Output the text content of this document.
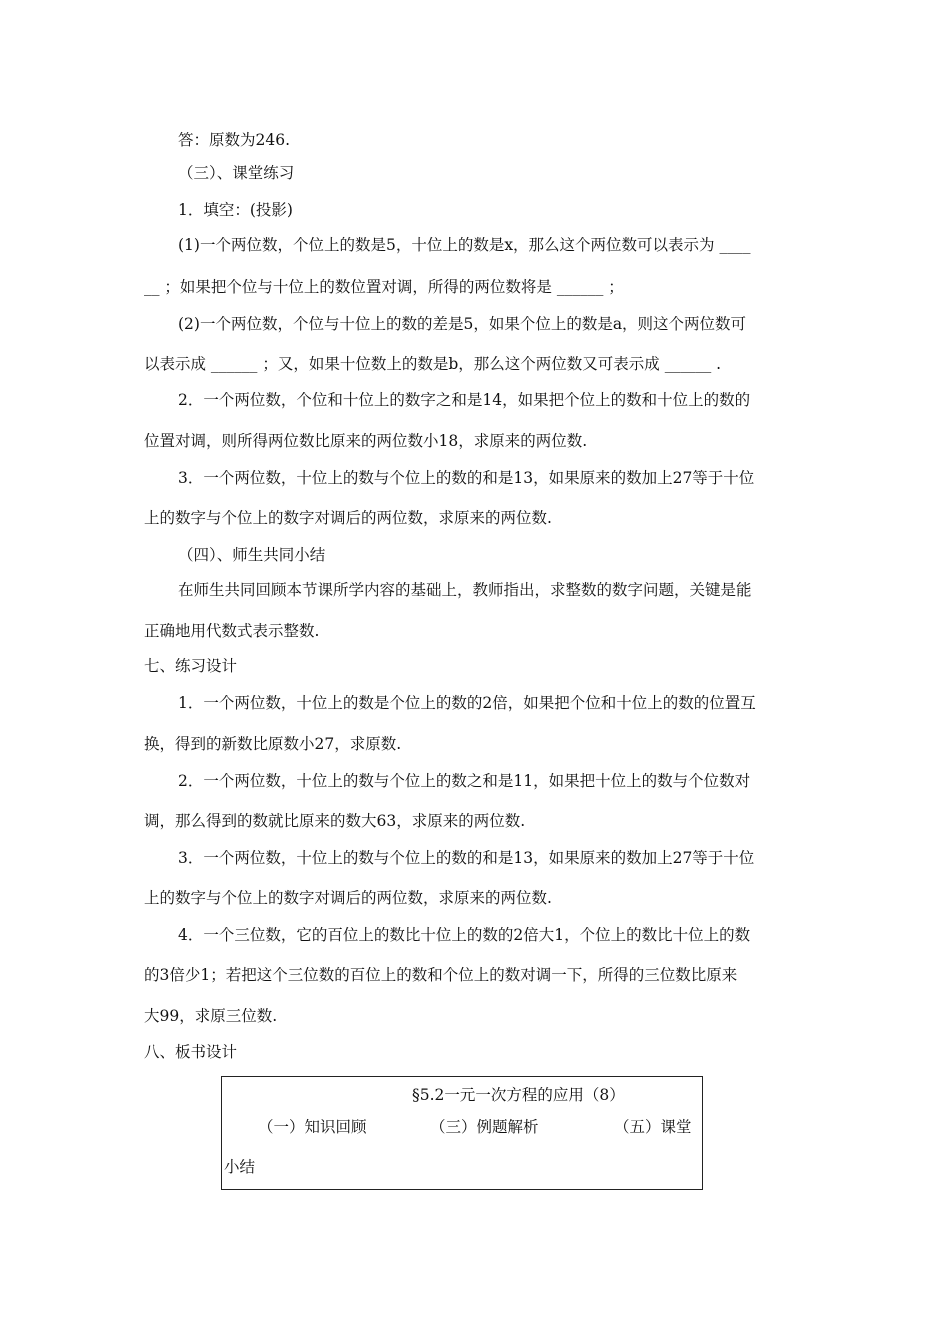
答：原数为246.
（三）、课堂练习
1．填空：(投影)
(1)一个两位数，个位上的数是5，十位上的数是x，那么这个两位数可以表示为 ____
__ ；如果把个位与十位上的数位置对调，所得的两位数将是 ______ ；
(2)一个两位数，个位与十位上的数的差是5，如果个位上的数是a，则这个两位数可
以表示成 ______ ；又，如果十位数上的数是b，那么这个两位数又可表示成 ______ .
2．一个两位数，个位和十位上的数字之和是14，如果把个位上的数和十位上的数的
位置对调，则所得两位数比原来的两位数小18，求原来的两位数.
3．一个两位数，十位上的数与个位上的数的和是13，如果原来的数加上27等于十位
上的数字与个位上的数字对调后的两位数，求原来的两位数.
（四）、师生共同小结
在师生共同回顾本节课所学内容的基础上，教师指出，求整数的数字问题，关键是能
正确地用代数式表示整数.
七、练习设计
1．一个两位数，十位上的数是个位上的数的2倍，如果把个位和十位上的数的位置互
换，得到的新数比原数小27，求原数.
2．一个两位数，十位上的数与个位上的数之和是11，如果把十位上的数与个位数对
调，那么得到的数就比原来的数大63，求原来的两位数.
3．一个两位数，十位上的数与个位上的数的和是13，如果原来的数加上27等于十位
上的数字与个位上的数字对调后的两位数，求原来的两位数.
4．一个三位数，它的百位上的数比十位上的数的2倍大1，个位上的数比十位上的数
的3倍少1；若把这个三位数的百位上的数和个位上的数对调一下，所得的三位数比原来
大99，求原三位数.
八、板书设计
§5.2一元一次方程的应用（8）
（一）知识回顾	（三）例题解析	（五）课堂
小结
